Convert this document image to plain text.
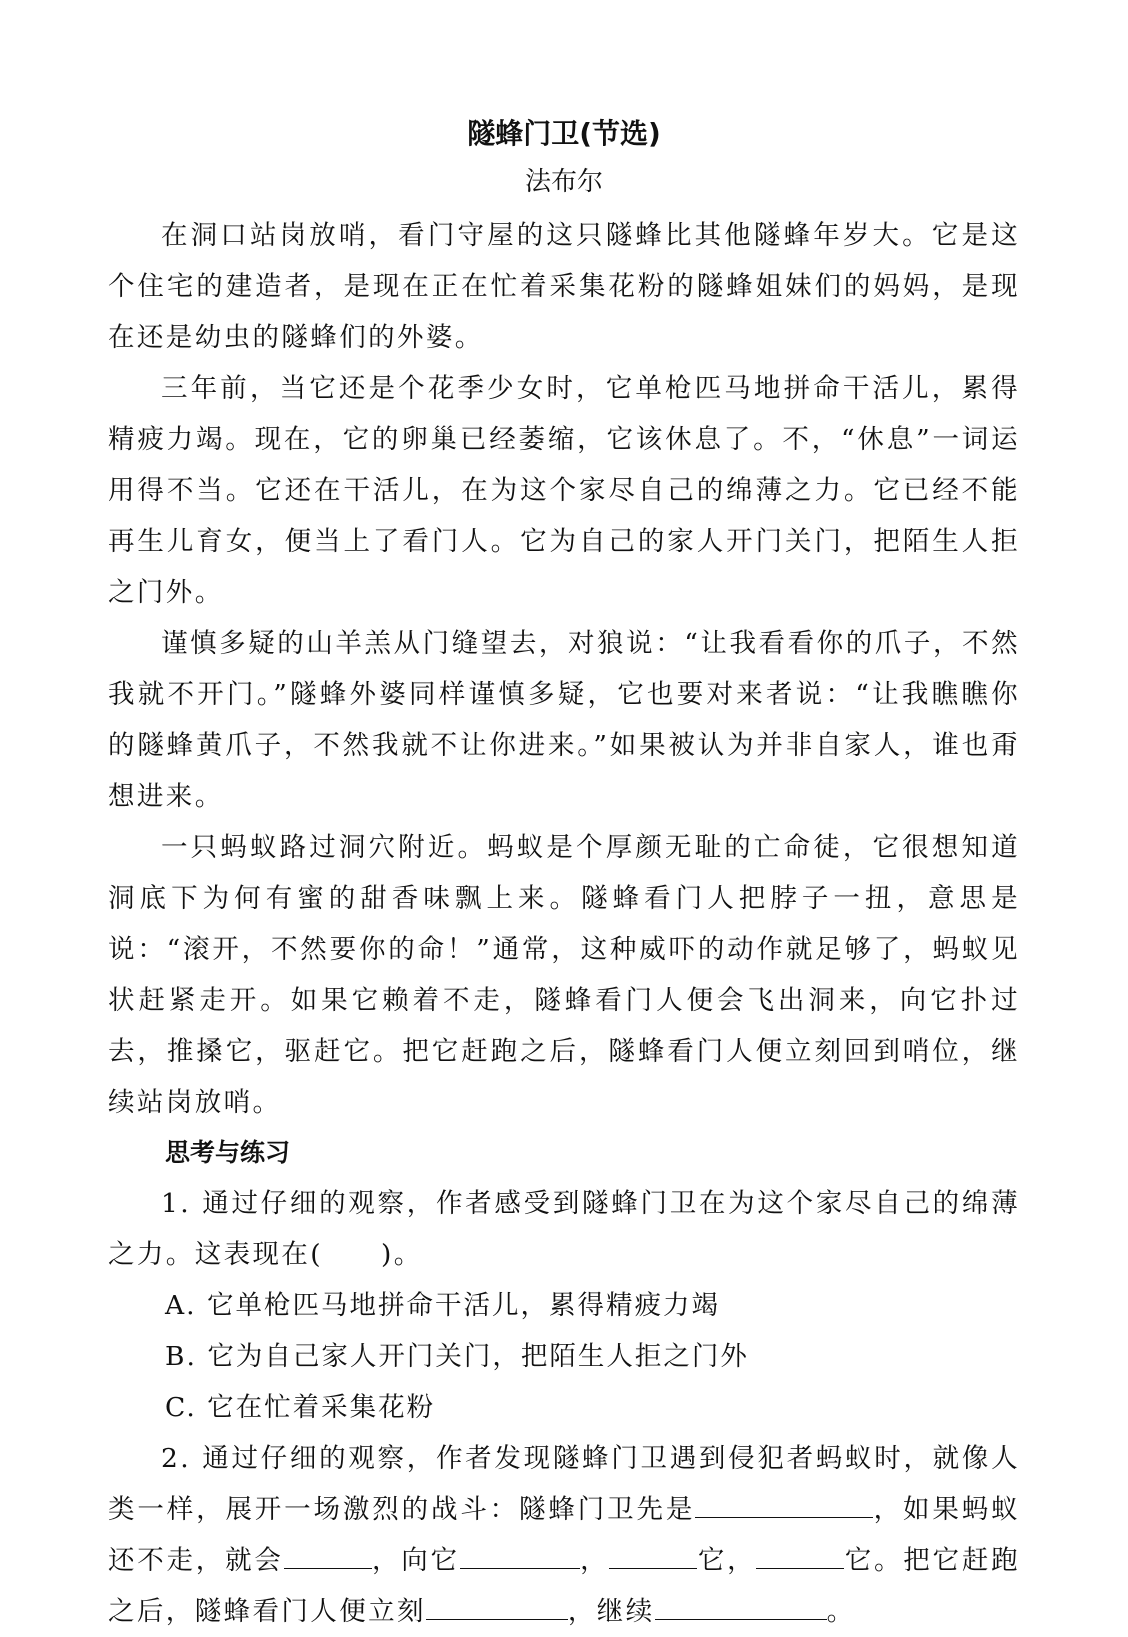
隧蜂门卫(节选)
法布尔

在洞口站岗放哨，看门守屋的这只隧蜂比其他隧蜂年岁大。它是这个住宅的建造者，是现在正在忙着采集花粉的隧蜂姐妹们的妈妈，是现在还是幼虫的隧蜂们的外婆。

三年前，当它还是个花季少女时，它单枪匹马地拼命干活儿，累得精疲力竭。现在，它的卵巢已经萎缩，它该休息了。不，“休息”一词运用得不当。它还在干活儿，在为这个家尽自己的绵薄之力。它已经不能再生儿育女，便当上了看门人。它为自己的家人开门关门，把陌生人拒之门外。

谨慎多疑的山羊羔从门缝望去，对狼说：“让我看看你的爪子，不然我就不开门。”隧蜂外婆同样谨慎多疑，它也要对来者说：“让我瞧瞧你的隧蜂黄爪子，不然我就不让你进来。”如果被认为并非自家人，谁也甭想进来。

一只蚂蚁路过洞穴附近。蚂蚁是个厚颜无耻的亡命徒，它很想知道洞底下为何有蜜的甜香味飘上来。隧蜂看门人把脖子一扭，意思是说：“滚开，不然要你的命！”通常，这种威吓的动作就足够了，蚂蚁见状赶紧走开。如果它赖着不走，隧蜂看门人便会飞出洞来，向它扑过去，推搡它，驱赶它。把它赶跑之后，隧蜂看门人便立刻回到哨位，继续站岗放哨。

思考与练习

1. 通过仔细的观察，作者感受到隧蜂门卫在为这个家尽自己的绵薄之力。这表现在( )。

A. 它单枪匹马地拼命干活儿，累得精疲力竭
B. 它为自己家人开门关门，把陌生人拒之门外
C. 它在忙着采集花粉

2. 通过仔细的观察，作者发现隧蜂门卫遇到侵犯者蚂蚁时，就像人类一样，展开一场激烈的战斗：隧蜂门卫先是	，如果蚂蚁还不走，就会	，向它	，	它，	它。把它赶跑之后，隧蜂看门人便立刻	，继续	。
